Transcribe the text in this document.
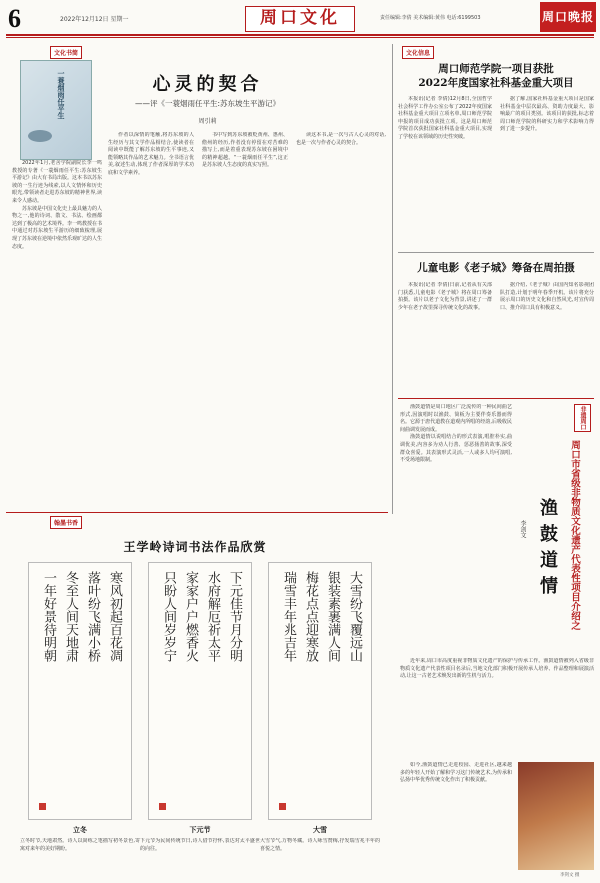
6	2022年12月12日 星期一	周口文化	责任编辑:李倩 美术编辑:黄伟 电话:6199503	周口晚报
文化书简
一蓑烟雨任平生	心灵的契合
——评《一蓑烟雨任平生:苏东坡生平游记》
周引莉

2022年1月,老舍学院副院长李一鸣教授的专著《一蓑烟雨任平生:苏东坡生平游记》由大有书局出版。这本书以苏东坡的一生行迹为线索,以人文情怀和历史眼光,带领读者走进苏东坡的精神世界,读来令人感动。

苏东坡是中国文化史上最具魅力的人物之一,他的诗词、散文、书法、绘画都达到了极高的艺术境界。李一鸣教授在书中通过对苏东坡生平游历的细致梳理,展现了苏东坡在逆境中依然乐观旷达的人生态度。

作者以深情的笔触,将苏东坡的人生经历与其文学作品相结合,使读者在阅读中既能了解苏东坡的生平事迹,又能领略其作品的艺术魅力。全书语言优美,叙述生动,体现了作者深厚的学术功底和文学素养。

书中写到苏东坡被贬黄州、惠州、儋州的经历,作者没有停留在对苦难的描写上,而是着重表现苏东坡在困境中的精神超越。“一蓑烟雨任平生”,这正是苏东坡人生态度的真实写照。

读这本书,是一次与古人心灵的对话,也是一次与作者心灵的契合。

翰墨书香
王学岭诗词书法作品欣赏
寒风初起百花凋
落叶纷飞满小桥
冬至人间天地肃
一年好景待明朝
立冬
立冬时节,天地肃然。诗人以简练之笔描写初冬景色,寄寓对来年的美好期盼。
下元佳节月分明
水府解厄祈太平
家家户户燃香火
只盼人间岁岁宁
下元节
下元节为民间传统节日,诗人借节抒怀,表达对太平盛世的向往。
大雪纷飞覆远山
银装素裹满人间
梅花点点迎寒放
瑞雪丰年兆吉年
大雪
大雪节气,万物冬藏。诗人咏雪赞梅,抒发瑞雪兆丰年的喜悦之情。
文化信息
周口师范学院一项目获批
2022年度国家社科基金重大项目

本报讯(记者 李倩)12月8日,全国哲学社会科学工作办公室公布了2022年度国家社科基金重大项目立项名单,周口师范学院申报的项目成功获批立项。这是周口师范学院首次获批国家社科基金重大项目,实现了学校在该领域的历史性突破。

据了解,国家社科基金重大项目是国家社科基金中层次最高、资助力度最大、影响最广的项目类别。该项目的获批,标志着周口师范学院的科研实力和学术影响力得到了进一步提升。

儿童电影《老子城》筹备在周拍摄

本报讯(记者 李倩)日前,记者从有关部门获悉,儿童电影《老子城》将在周口筹备拍摄。该片以老子文化为背景,讲述了一群少年在老子故里探寻传统文化的故事。

据介绍,《老子城》由国内知名影视团队打造,计划于明年春季开机。该片将充分展示周口的历史文化和自然风光,对宣传周口、推介周口具有积极意义。

非遗周口
周口市省级非物质文化遗产代表性项目介绍之
渔鼓道情
李剑文

渔鼓道情是周口地区广泛流传的一种民间曲艺形式,因演唱时以渔鼓、简板为主要伴奏乐器而得名。它源于唐代道教在道观内所唱的经韵,后吸收民间曲调发展而成。

渔鼓道情以说唱结合的形式表演,唱腔朴实,曲调优美,内容多为劝人行善、惩恶扬善的故事,深受群众喜爱。其表演形式灵活,一人或多人均可演唱,不受场地限制。

近年来,周口市高度重视非物质文化遗产的保护与传承工作。渔鼓道情被列入省级非物质文化遗产代表性项目名录后,当地文化部门积极开展传承人培养、作品整理和展演活动,让这一古老艺术焕发出新的生机与活力。

如今,渔鼓道情已走进校园、走进社区,越来越多的年轻人开始了解和学习这门传统艺术,为传承和弘扬中华优秀传统文化作出了积极贡献。

李剑文 摄
